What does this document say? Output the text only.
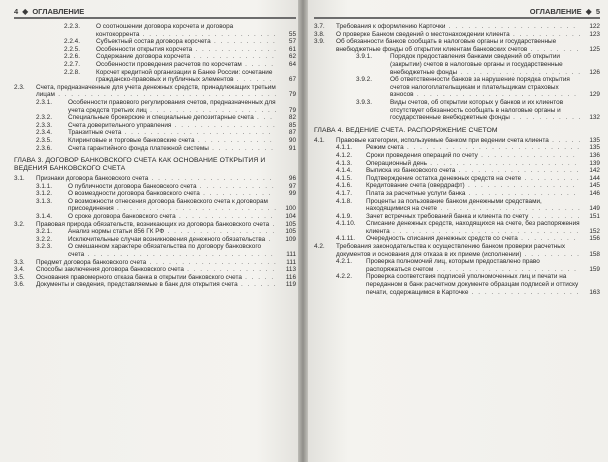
4 ◆ ОГЛАВЛЕНИЕ
2.2.3.	О соотношении договора корсчета и договора контокоррента . . . . . . . . . . . . . . . . . . . . .	55
2.2.4.	Субъектный состав договора корсчета . . . . . . . . . .	57
2.2.5.	Особенности открытия корсчета . . . . . . . . . . . . .	61
2.2.6.	Содержание договора корсчета . . . . . . . . . . . . .	62
2.2.7.	Особенности проведения расчетов по корсчетам . . . . .	64
2.2.8.	Корсчет кредитной организации в Банке России: сочетание гражданско-правовых и публичных элементов . . . . . .	67
2.3.	Счета, предназначенные для учета денежных средств, принадлежащих третьим лицам . . . . . . . . . . . . . . . . . . . . . . . . . . . . . . . . . .	79
2.3.1.	Особенности правового регулирования счетов, предназначенных для учета средств третьих лиц . . . . . . . . . . . . . . . . . . . .	79
2.3.2.	Специальные брокерские и специальные депозитарные счета . . .	82
2.3.3.	Счета доверительного управления . . . . . . . . . . . . . . . .	85
2.3.4.	Транзитные счета . . . . . . . . . . . . . . . . . . . . . . .	87
2.3.5.	Клиринговые и торговые банковские счета . . . . . . . . . . . .	90
2.3.6.	Счета гарантийного фонда платежной системы . . . . . . . . . .	91
ГЛАВА 3. ДОГОВОР БАНКОВСКОГО СЧЕТА КАК ОСНОВАНИЕ ОТКРЫТИЯ И ВЕДЕНИЯ БАНКОВСКОГО СЧЕТА
3.1.	Признаки договора банковского счета . . . . . . . . . . . . . . . . . . .	96
3.1.1.	О публичности договора банковского счета . . . . . . . . . . . .	97
3.1.2.	О возмездности договора банковского счета . . . . . . . . . . .	99
3.1.3.	О возможности отнесения договора банковского счета к договорам присоединения . . . . . . . . . . . . . . . . . . . . . . . . .	100
3.1.4.	О сроке договора банковского счета . . . . . . . . . . . . . . .	104
3.2.	Правовая природа обязательств, возникающих из договора банковского счета .	105
3.2.1.	Анализ нормы статьи 856 ГК РФ . . . . . . . . . . . . . . . . .	105
3.2.2.	Исключительные случаи возникновения денежного обязательства .	109
3.2.3.	О смешанном характере обязательства по договору банковского счета . . . . . . . . . . . . . . . . . . . . . . . . . . . . .	111
3.3.	Предмет договора банковского счета . . . . . . . . . . . . . . . . . . . .	111
3.4.	Способы заключения договора банковского счета . . . . . . . . . . . . . .	113
3.5.	Основания правомерного отказа банка в открытии банковского счета . . . . .	116
3.6.	Документы и сведения, представляемые в банк для открытия счета . . . . . .	119
ОГЛАВЛЕНИЕ ◆ 5
3.7.	Требования к оформлению Карточки . . . . . . . . . . . . . . . . . . . .	122
3.8.	О проверке Банком сведений о местонахождении клиента . . . . . . . . . . .	123
3.9.	Об обязанности банков сообщать в налоговые органы и государственные внебюджетные фонды об открытии клиентам банковских счетов . . . . . . . .	125
3.9.1.	Порядок предоставления банками сведений об открытии (закрытии) счетов в налоговые органы и государственные внебюджетные фонды . . . . . . . . . . . . . . . . . . .	126
3.9.2.	Об ответственности банков за нарушение порядка открытия счетов налогоплательщикам и плательщикам страховых взносов . . . . . . . . . . . . . . . . . . . . . . . . .	129
3.9.3.	Виды счетов, об открытии которых у банков и их клиентов отсутствует обязанность сообщать в налоговые органы и государственные внебюджетные фонды . . . . . . . . . . .	132
ГЛАВА 4. ВЕДЕНИЕ СЧЕТА. РАСПОРЯЖЕНИЕ СЧЕТОМ
4.1.	Правовые категории, используемые банком при ведении счета клиента . . . . .	135
4.1.1.	Режим счета . . . . . . . . . . . . . . . . . . . . . . . . . . .	135
4.1.2.	Сроки проведения операций по счету . . . . . . . . . . . . . . .	136
4.1.3.	Операционный день . . . . . . . . . . . . . . . . . . . . . . .	139
4.1.4.	Выписка из банковского счета . . . . . . . . . . . . . . . . . . .	142
4.1.5.	Подтверждение остатка денежных средств на счете . . . . . . . . .	144
4.1.6.	Кредитование счета (овердрафт) . . . . . . . . . . . . . . . . .	145
4.1.7.	Плата за расчетные услуги банка . . . . . . . . . . . . . . . . .	146
4.1.8.	Проценты за пользование банком денежными средствами, находящимися на счете . . . . . . . . . . . . . . . . . . . . . .	149
4.1.9.	Зачет встречных требований банка и клиента по счету . . . . . . . .	151
4.1.10.	Списание денежных средств, находящихся на счете, без распоряжения клиента . . . . . . . . . . . . . . . . . . . . . . . . . . . . .	152
4.1.11.	Очередность списания денежных средств со счета . . . . . . . . .	156
4.2.	Требования законодательства к осуществлению банком проверки расчетных документов и основания для отказа в их приеме (исполнении) . . . . . . . . .	158
4.2.1.	Проверка полномочий лиц, которым предоставлено право распоряжаться счетом . . . . . . . . . . . . . . . . . . . . . .	159
4.2.2.	Проверка соответствия подписей уполномоченных лиц и печати на переданном в банк расчетном документе образцам подписей и оттиску печати, содержащимся в Карточке . . . . . . . . . . . . . . . . .	163
